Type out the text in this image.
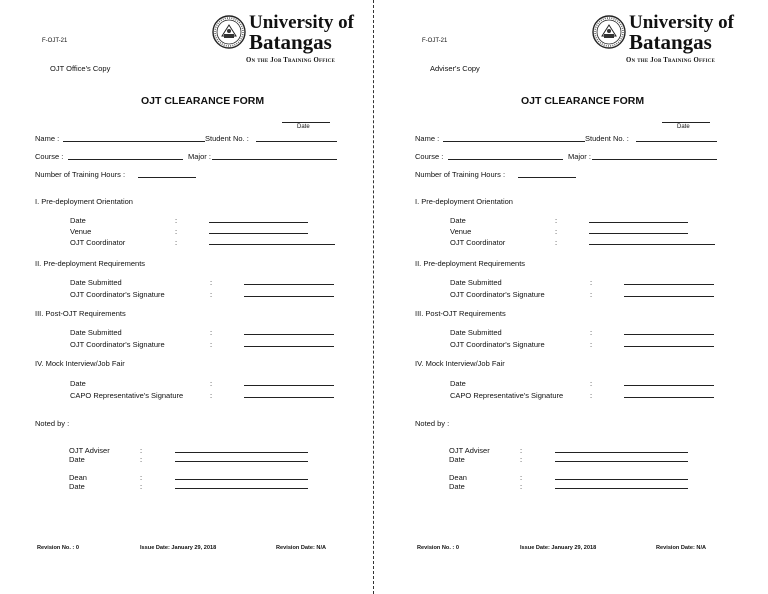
F-OJT-21
OJT Office's Copy
University of
Batangas
On the Job Training Office
OJT CLEARANCE FORM
Date
Name :	Student No. :
Course :	Major :
Number of Training Hours :
I. Pre-deployment Orientation
Date	:
Venue	:
OJT Coordinator	:
II. Pre-deployment Requirements
Date Submitted	:
OJT Coordinator's Signature	:
III. Post-OJT Requirements
Date Submitted	:
OJT Coordinator's Signature	:
IV. Mock Interview/Job Fair
Date	:
CAPO Representative's Signature	:
Noted by :
OJT Adviser	:
Date	:
Dean	:
Date	:
Revision No. : 0	Issue Date: January 29, 2018	Revision Date: N/A
F-OJT-21
Adviser's Copy
University of
Batangas
On the Job Training Office
OJT CLEARANCE FORM
Date
Name :	Student No. :
Course :	Major :
Number of Training Hours :
I. Pre-deployment Orientation
Date	:
Venue	:
OJT Coordinator	:
II. Pre-deployment Requirements
Date Submitted	:
OJT Coordinator's Signature	:
III. Post-OJT Requirements
Date Submitted	:
OJT Coordinator's Signature	:
IV. Mock Interview/Job Fair
Date	:
CAPO Representative's Signature	:
Noted by :
OJT Adviser	:
Date	:
Dean	:
Date	:
Revision No. : 0	Issue Date: January 29, 2018	Revision Date: N/A
